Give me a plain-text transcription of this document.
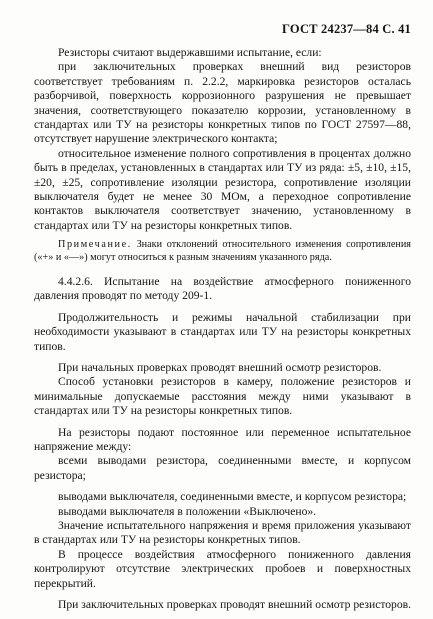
ГОСТ 24237—84 С. 41

Резисторы считают выдержавшими испытание, если:

при заключительных проверках внешний вид резисторов соответствует требованиям п. 2.2.2, маркировка резисторов осталась разборчивой, поверхность коррозионного разрушения не превышает значения, соответствующего показателю коррозии, установленному в стандартах или ТУ на резисторы конкретных типов по ГОСТ 27597—88, отсутствует нарушение электрического контакта;

относительное изменение полного сопротивления в процентах должно быть в пределах, установленных в стандартах или ТУ из ряда: ±5, ±10, ±15, ±20, ±25, сопротивление изоляции резистора, сопротивление изоляции выключателя будет не менее 30 МОм, а переходное сопротивление контактов выключателя соответствует значению, установленному в стандартах или ТУ на резисторы конкретных типов.

Примечание. Знаки отклонений относительного изменения сопротивления («+» и «—») могут относиться к разным значениям указанного ряда.

4.4.2.6. Испытание на воздействие атмосферного пониженного давления проводят по методу 209-1.

Продолжительность и режимы начальной стабилизации при необходимости указывают в стандартах или ТУ на резисторы конкретных типов.

При начальных проверках проводят внешний осмотр резисторов.

Способ установки резисторов в камеру, положение резисторов и минимальные допускаемые расстояния между ними указывают в стандартах или ТУ на резисторы конкретных типов.

На резисторы подают постоянное или переменное испытательное напряжение между:

всеми выводами резистора, соединенными вместе, и корпусом резистора;

выводами выключателя, соединенными вместе, и корпусом резистора;

выводами выключателя в положении «Выключено».

Значение испытательного напряжения и время приложения указывают в стандартах или ТУ на резисторы конкретных типов.

В процессе воздействия атмосферного пониженного давления контролируют отсутствие электрических пробоев и поверхностных перекрытий.

При заключительных проверках проводят внешний осмотр резисторов.
